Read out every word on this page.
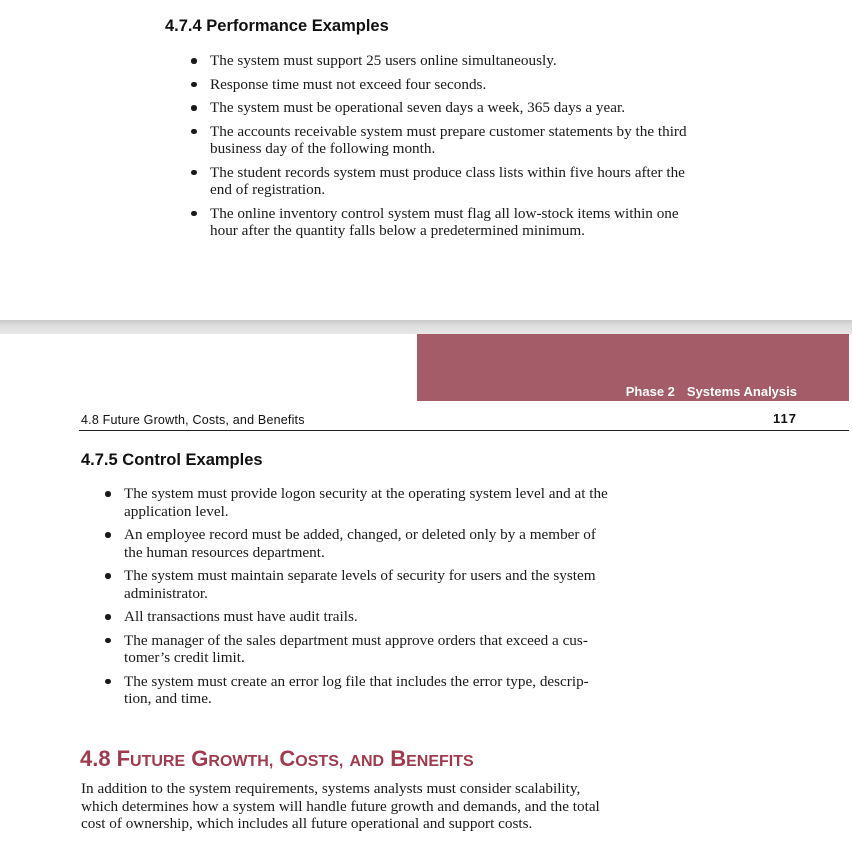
4.7.4 Performance Examples
The system must support 25 users online simultaneously.
Response time must not exceed four seconds.
The system must be operational seven days a week, 365 days a year.
The accounts receivable system must prepare customer statements by the third
business day of the following month.
The student records system must produce class lists within five hours after the
end of registration.
The online inventory control system must flag all low-stock items within one
hour after the quantity falls below a predetermined minimum.
Phase 2 Systems Analysis
4.8 Future Growth, Costs, and Benefits	117
4.7.5 Control Examples
The system must provide logon security at the operating system level and at the
application level.
An employee record must be added, changed, or deleted only by a member of
the human resources department.
The system must maintain separate levels of security for users and the system
administrator.
All transactions must have audit trails.
The manager of the sales department must approve orders that exceed a cus-
tomer’s credit limit.
The system must create an error log file that includes the error type, descrip-
tion, and time.
4.8 FUTURE GROWTH, COSTS, AND BENEFITS

In addition to the system requirements, systems analysts must consider scalability,
which determines how a system will handle future growth and demands, and the total
cost of ownership, which includes all future operational and support costs.
